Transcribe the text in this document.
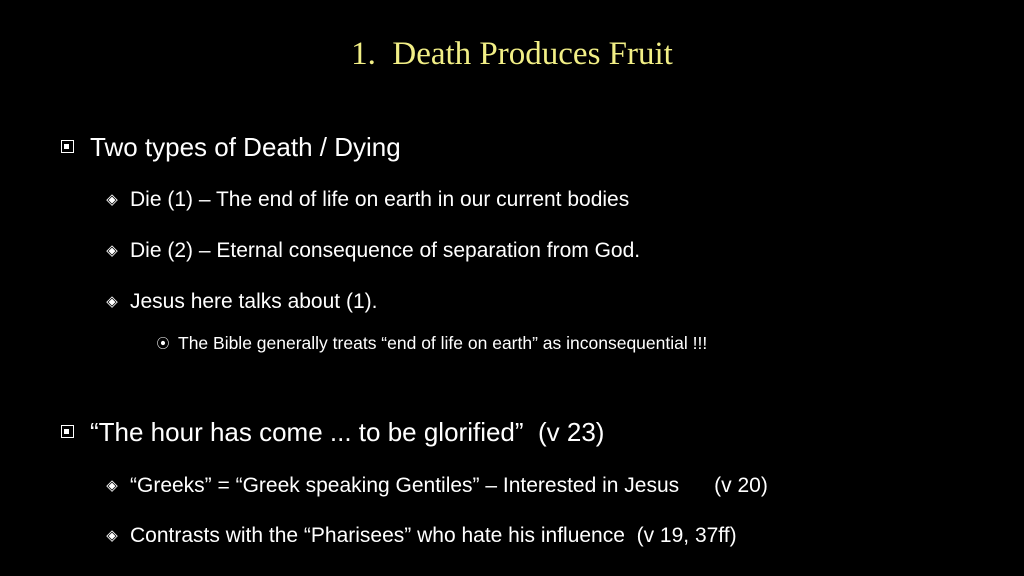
1.  Death Produces Fruit
Two types of Death / Dying
◈ Die (1) – The end of life on earth in our current bodies
◈ Die (2) – Eternal consequence of separation from God.
◈ Jesus here talks about (1).
⦿ The Bible generally treats “end of life on earth” as inconsequential !!!
“The hour has come ... to be glorified”  (v 23)
◈ “Greeks” = “Greek speaking Gentiles” – Interested in Jesus      (v 20)
◈ Contrasts with the “Pharisees” who hate his influence  (v 19, 37ff)
